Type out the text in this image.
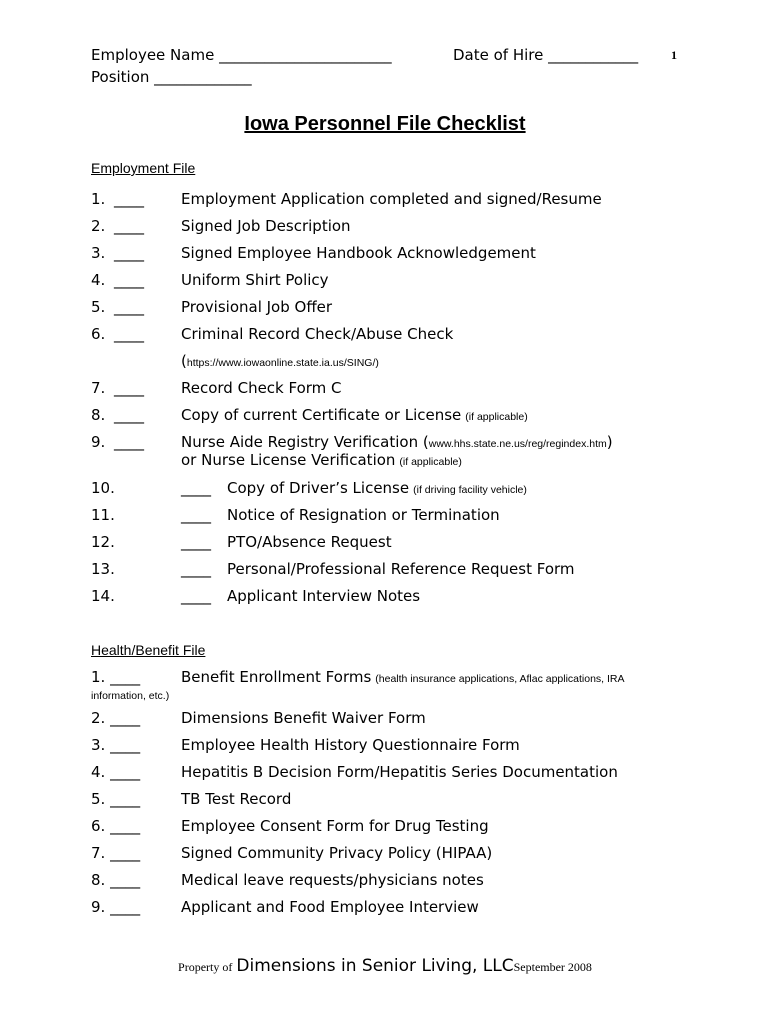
Employee Name _______________________	Date of Hire ____________	1
Position _____________
Iowa Personnel File Checklist
Employment File
1. ____ Employment Application completed and signed/Resume
2. ____ Signed Job Description
3. ____ Signed Employee Handbook Acknowledgement
4. ____ Uniform Shirt Policy
5. ____ Provisional Job Offer
6. ____ Criminal Record Check/Abuse Check
(https://www.iowaonline.state.ia.us/SING/)
7. ____ Record Check Form C
8. ____ Copy of current Certificate or License (if applicable)
9. ____ Nurse Aide Registry Verification (www.hhs.state.ne.us/reg/regindex.htm)
or Nurse License Verification (if applicable)
10.	____ Copy of Driver’s License (if driving facility vehicle)
11.	____ Notice of Resignation or Termination
12.	____ PTO/Absence Request
13.	____ Personal/Professional Reference Request Form
14.	____ Applicant Interview Notes
Health/Benefit File
1. ____	Benefit Enrollment Forms (health insurance applications, Aflac applications, IRA
information, etc.)
2. ____	Dimensions Benefit Waiver Form
3. ____	Employee Health History Questionnaire Form
4. ____	Hepatitis B Decision Form/Hepatitis Series Documentation
5. ____	TB Test Record
6. ____	Employee Consent Form for Drug Testing
7. ____	Signed Community Privacy Policy (HIPAA)
8. ____	Medical leave requests/physicians notes
9. ____	Applicant and Food Employee Interview
Property of Dimensions in Senior Living, LLCSeptember 2008
